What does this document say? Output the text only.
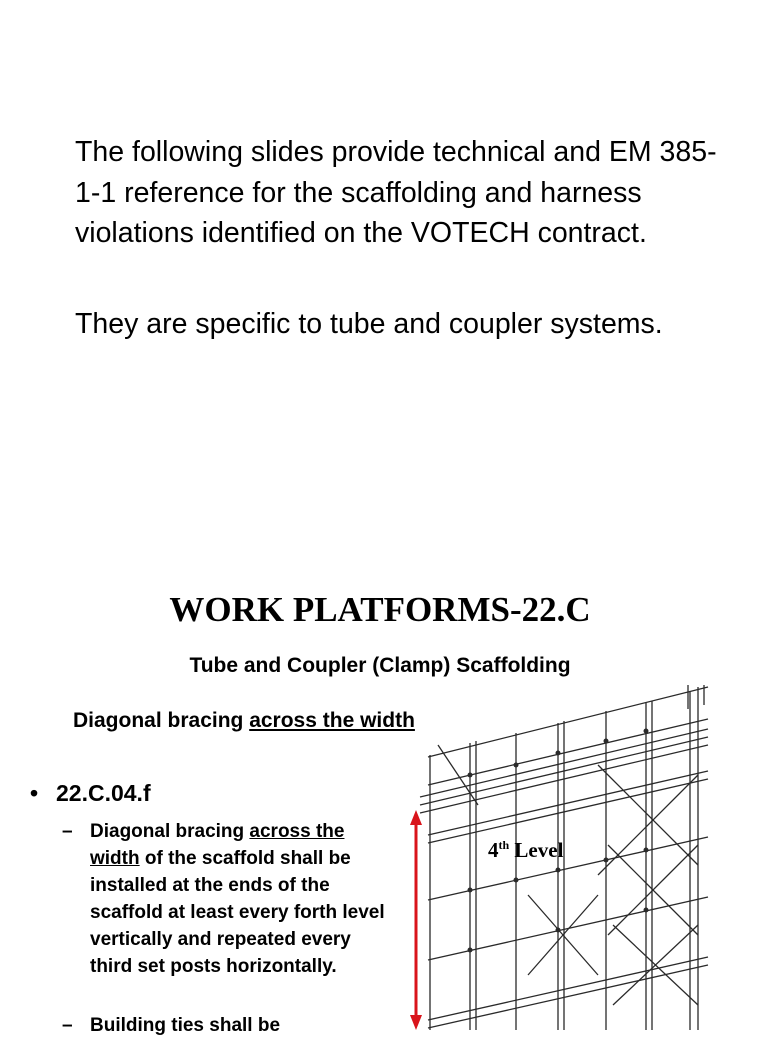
The following slides provide technical and EM 385-1-1 reference for the scaffolding and harness violations identified on the VOTECH contract.

They are specific to tube and coupler systems.

WORK PLATFORMS-22.C
Tube and Coupler (Clamp) Scaffolding
Diagonal bracing across the width
• 22.C.04.f
– Diagonal bracing across the width of the scaffold shall be installed at the ends of the scaffold at least every forth level vertically and repeated every third set posts horizontally.
– Building ties shall be
4th Level
